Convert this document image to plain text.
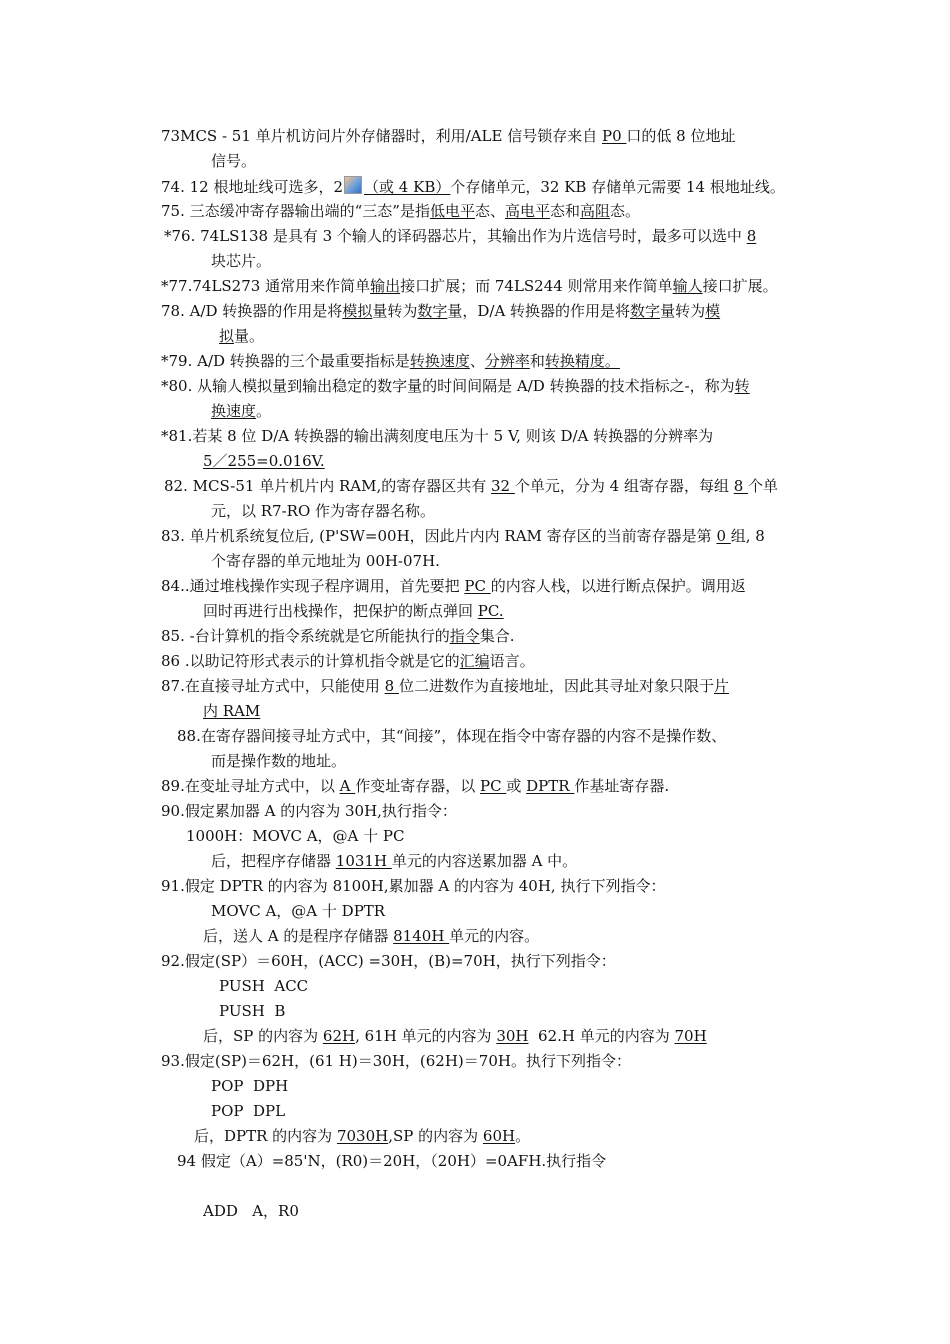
73MCS - 51 单片机访问片外存储器时，利用/ALE 信号锁存来自 P0 口的低 8 位地址
信号。
74. 12 根地址线可选多，2 （或 4 KB）个存储单元，32 KB 存储单元需要 14 根地址线。
75. 三态缓冲寄存器输出端的“三态”是指低电平态、高电平态和高阻态。
*76. 74LS138 是具有 3 个输人的译码器芯片，其输出作为片选信号时，最多可以选中 8
块芯片。
*77.74LS273 通常用来作简单输出接口扩展；而 74LS244 则常用来作简单输人接口扩展。
78. A/D 转换器的作用是将模拟量转为数字量，D/A 转换器的作用是将数字量转为模
拟量。
*79. A/D 转换器的三个最重要指标是转换速度、分辨率和转换精度。
*80. 从输人模拟量到输出稳定的数字量的时间间隔是 A/D 转换器的技术指标之-，称为转
换速度。
*81.若某 8 位 D/A 转换器的输出满刻度电压为十 5 V, 则该 D/A 转换器的分辨率为
5／255=0.016V.
82. MCS-51 单片机片内 RAM,的寄存器区共有 32 个单元，分为 4 组寄存器，每组 8 个单
元，以 R7-RO 作为寄存器名称。
83. 单片机系统复位后, (P'SW=00H，因此片内内 RAM 寄存区的当前寄存器是第 0 组, 8
个寄存器的单元地址为 00H-07H.
84..通过堆栈操作实现子程序调用，首先要把 PC 的内容人栈，以进行断点保护。调用返
回时再进行出栈操作，把保护的断点弹回 PC.
85. -台计算机的指令系统就是它所能执行的指令集合.
86 .以助记符形式表示的计算机指令就是它的汇编语言。
87.在直接寻址方式中，只能使用 8 位二进数作为直接地址，因此其寻址对象只限于片
内 RAM
88.在寄存器间接寻址方式中，其“间接”，体现在指令中寄存器的内容不是操作数、
而是操作数的地址。
89.在变址寻址方式中，以 A 作变址寄存器，以 PC 或 DPTR 作基址寄存器.
90.假定累加器 A 的内容为 30H,执行指令：
1000H：MOVC A，@A 十 PC
后，把程序存储器 1031H 单元的内容送累加器 A 中。
91.假定 DPTR 的内容为 8100H,累加器 A 的内容为 40H, 执行下列指令：
MOVC A，@A 十 DPTR
后，送人 A 的是程序存储器 8140H 单元的内容。
92.假定(SP）＝60H，(ACC) =30H，(B)=70H，执行下列指令：
PUSH  ACC
PUSH  B
后，SP 的内容为 62H, 61H 单元的内容为 30H  62.H 单元的内容为 70H
93.假定(SP)＝62H，(61 H)＝30H，(62H)＝70H。执行下列指令：
POP  DPH
POP  DPL
后，DPTR 的内容为 7030H,SP 的内容为 60H。
94 假定（A）=85'N，(R0)＝20H，（20H）=0AFH.执行指令
ADD   A，R0
